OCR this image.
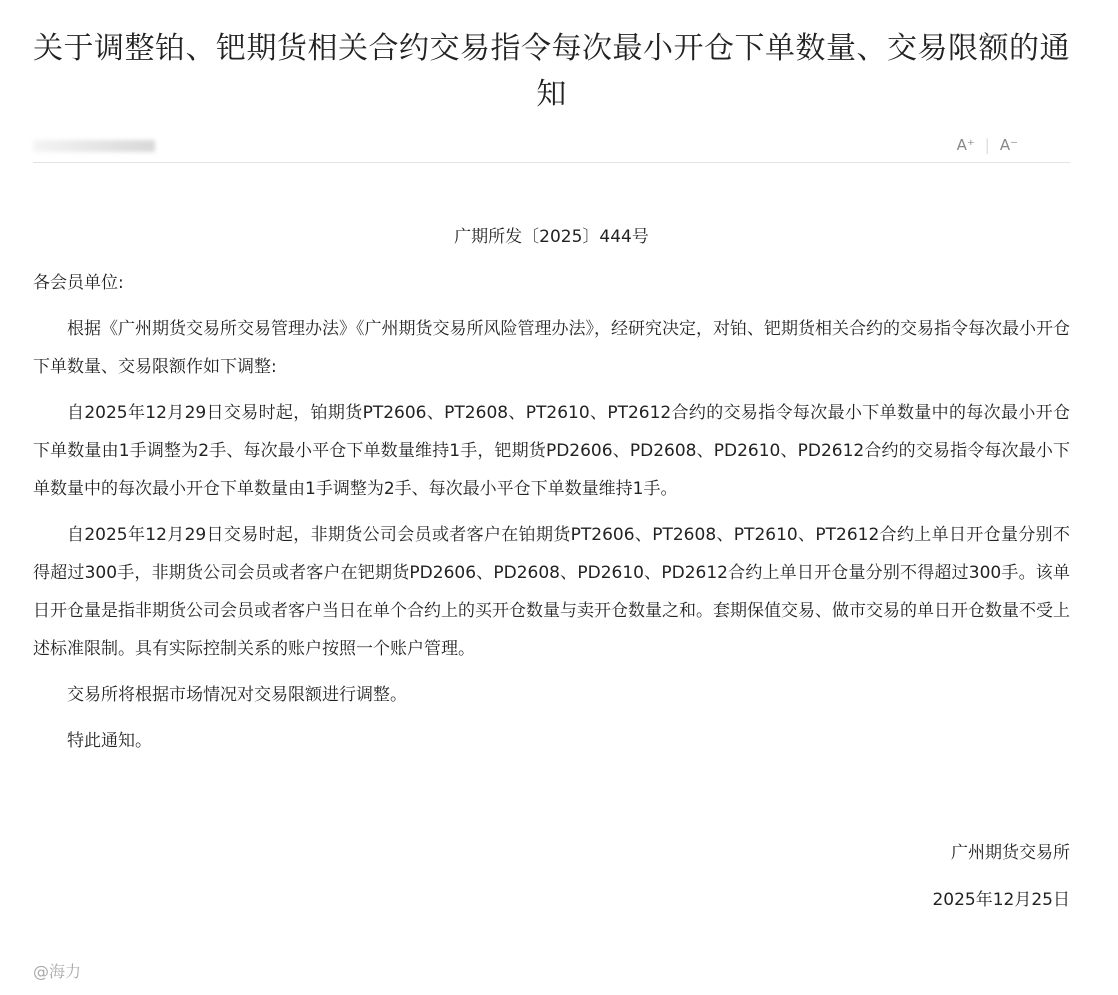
关于调整铂、钯期货相关合约交易指令每次最小开仓下单数量、交易限额的通知
A⁺ | A⁻
广期所发〔2025〕444号

各会员单位:

根据《广州期货交易所交易管理办法》《广州期货交易所风险管理办法》，经研究决定，对铂、钯期货相关合约的交易指令每次最小开仓下单数量、交易限额作如下调整:

自2025年12月29日交易时起，铂期货PT2606、PT2608、PT2610、PT2612合约的交易指令每次最小下单数量中的每次最小开仓下单数量由1手调整为2手、每次最小平仓下单数量维持1手，钯期货PD2606、PD2608、PD2610、PD2612合约的交易指令每次最小下单数量中的每次最小开仓下单数量由1手调整为2手、每次最小平仓下单数量维持1手。

自2025年12月29日交易时起，非期货公司会员或者客户在铂期货PT2606、PT2608、PT2610、PT2612合约上单日开仓量分别不得超过300手，非期货公司会员或者客户在钯期货PD2606、PD2608、PD2610、PD2612合约上单日开仓量分别不得超过300手。该单日开仓量是指非期货公司会员或者客户当日在单个合约上的买开仓数量与卖开仓数量之和。套期保值交易、做市交易的单日开仓数量不受上述标准限制。具有实际控制关系的账户按照一个账户管理。

交易所将根据市场情况对交易限额进行调整。

特此通知。

广州期货交易所
2025年12月25日
@海力
